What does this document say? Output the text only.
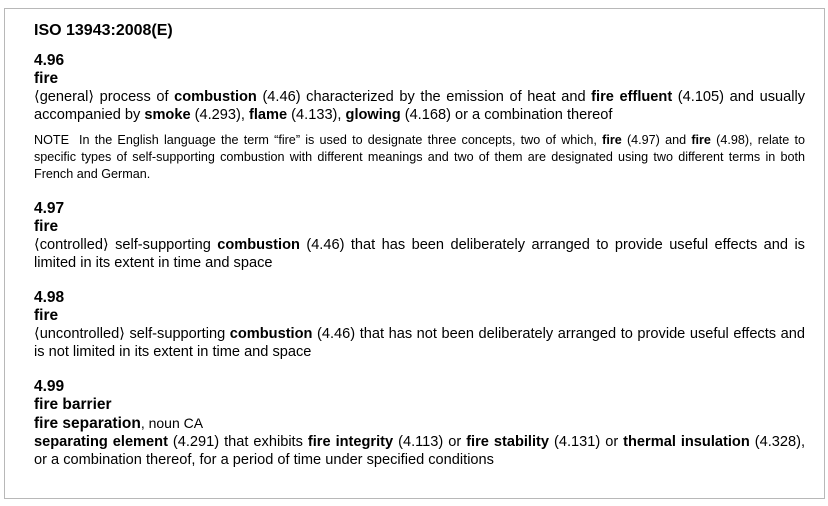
ISO 13943:2008(E)
4.96
fire
⟨general⟩ process of combustion (4.46) characterized by the emission of heat and fire effluent (4.105) and usually accompanied by smoke (4.293), flame (4.133), glowing (4.168) or a combination thereof
NOTE In the English language the term “fire” is used to designate three concepts, two of which, fire (4.97) and fire (4.98), relate to specific types of self-supporting combustion with different meanings and two of them are designated using two different terms in both French and German.
4.97
fire
⟨controlled⟩ self-supporting combustion (4.46) that has been deliberately arranged to provide useful effects and is limited in its extent in time and space
4.98
fire
⟨uncontrolled⟩ self-supporting combustion (4.46) that has not been deliberately arranged to provide useful effects and is not limited in its extent in time and space
4.99
fire barrier
fire separation, noun CA
separating element (4.291) that exhibits fire integrity (4.113) or fire stability (4.131) or thermal insulation (4.328), or a combination thereof, for a period of time under specified conditions
